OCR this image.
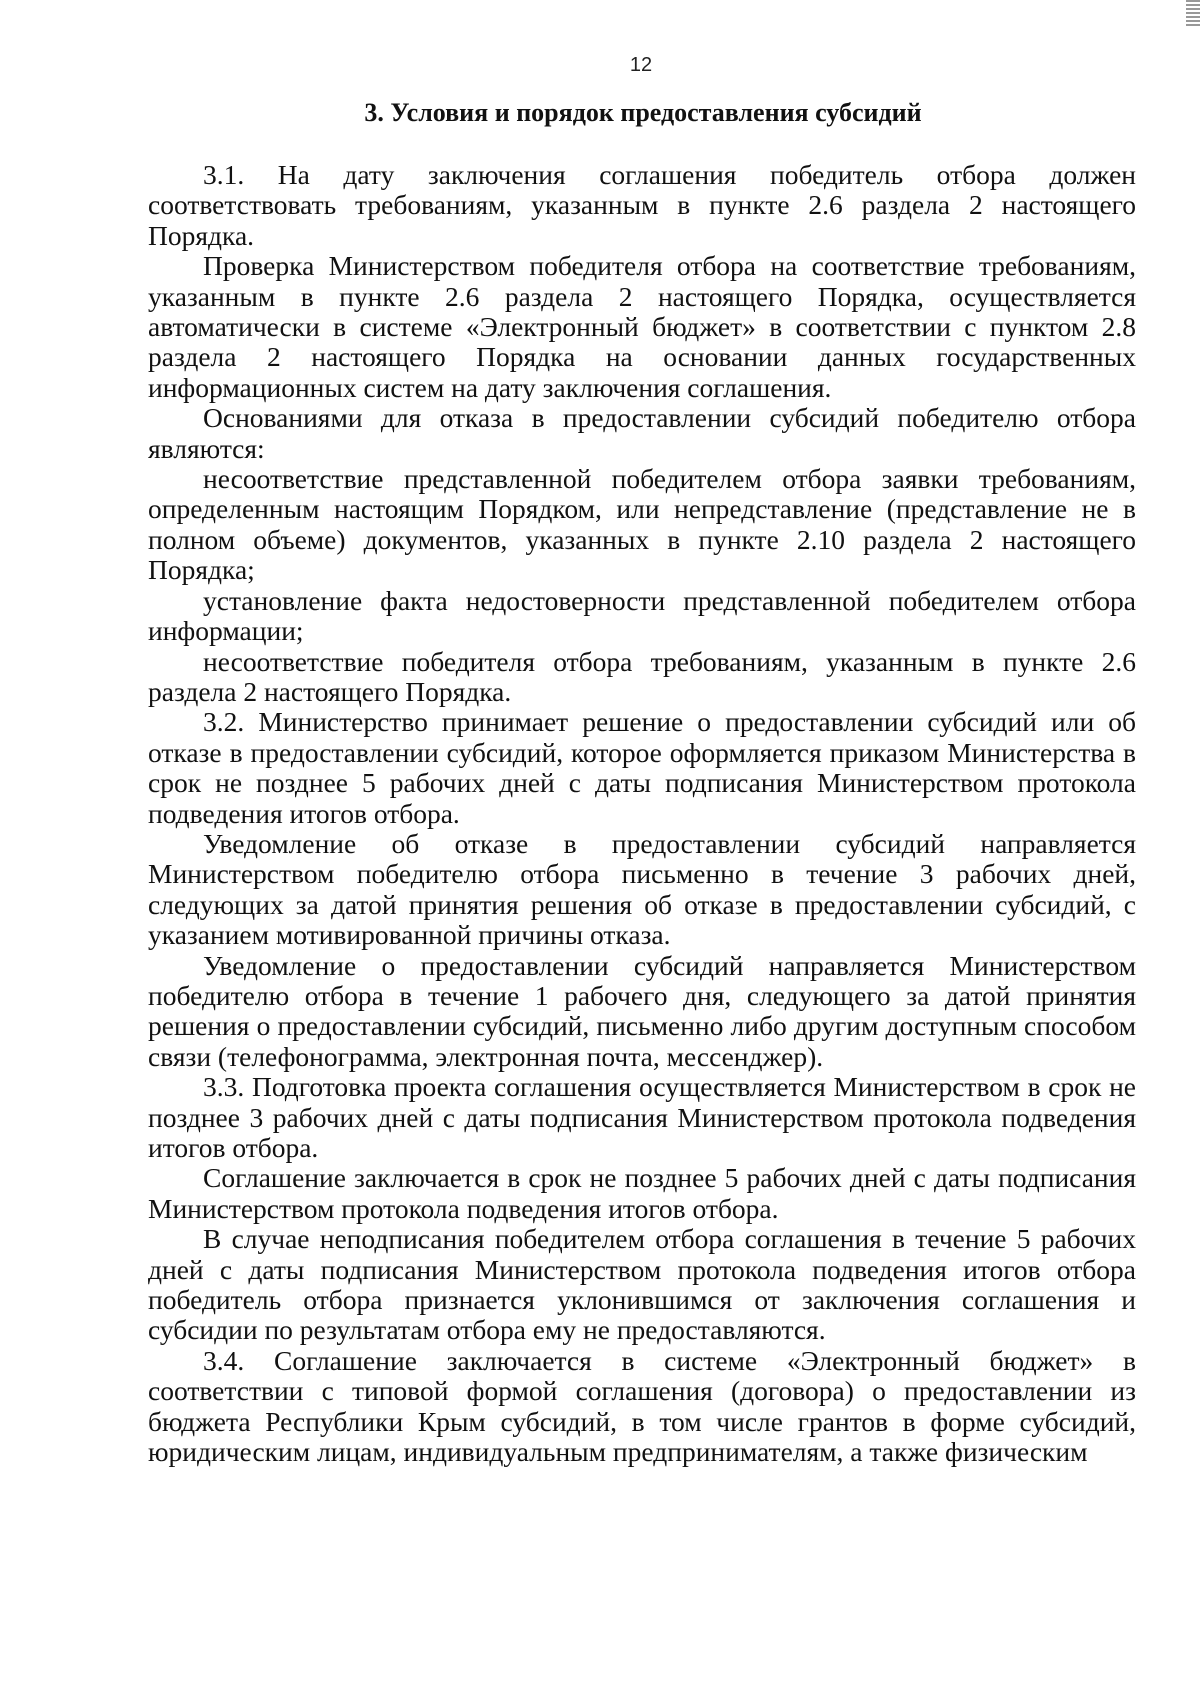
12
3. Условия и порядок предоставления субсидий

3.1. На дату заключения соглашения победитель отбора должен соответствовать требованиям, указанным в пункте 2.6 раздела 2 настоящего Порядка.

Проверка Министерством победителя отбора на соответствие требованиям, указанным в пункте 2.6 раздела 2 настоящего Порядка, осуществляется автоматически в системе «Электронный бюджет» в соответствии с пунктом 2.8 раздела 2 настоящего Порядка на основании данных государственных информационных систем на дату заключения соглашения.

Основаниями для отказа в предоставлении субсидий победителю отбора являются:

несоответствие представленной победителем отбора заявки требованиям, определенным настоящим Порядком, или непредставление (представление не в полном объеме) документов, указанных в пункте 2.10 раздела 2 настоящего Порядка;

установление факта недостоверности представленной победителем отбора информации;

несоответствие победителя отбора требованиям, указанным в пункте 2.6 раздела 2 настоящего Порядка.

3.2. Министерство принимает решение о предоставлении субсидий или об отказе в предоставлении субсидий, которое оформляется приказом Министерства в срок не позднее 5 рабочих дней с даты подписания Министерством протокола подведения итогов отбора.

Уведомление об отказе в предоставлении субсидий направляется Министерством победителю отбора письменно в течение 3 рабочих дней, следующих за датой принятия решения об отказе в предоставлении субсидий, с указанием мотивированной причины отказа.

Уведомление о предоставлении субсидий направляется Министерством победителю отбора в течение 1 рабочего дня, следующего за датой принятия решения о предоставлении субсидий, письменно либо другим доступным способом связи (телефонограмма, электронная почта, мессенджер).

3.3. Подготовка проекта соглашения осуществляется Министерством в срок не позднее 3 рабочих дней с даты подписания Министерством протокола подведения итогов отбора.

Соглашение заключается в срок не позднее 5 рабочих дней с даты подписания Министерством протокола подведения итогов отбора.

В случае неподписания победителем отбора соглашения в течение 5 рабочих дней с даты подписания Министерством протокола подведения итогов отбора победитель отбора признается уклонившимся от заключения соглашения и субсидии по результатам отбора ему не предоставляются.

3.4. Соглашение заключается в системе «Электронный бюджет» в соответствии с типовой формой соглашения (договора) о предоставлении из бюджета Республики Крым субсидий, в том числе грантов в форме субсидий, юридическим лицам, индивидуальным предпринимателям, а также физическим
